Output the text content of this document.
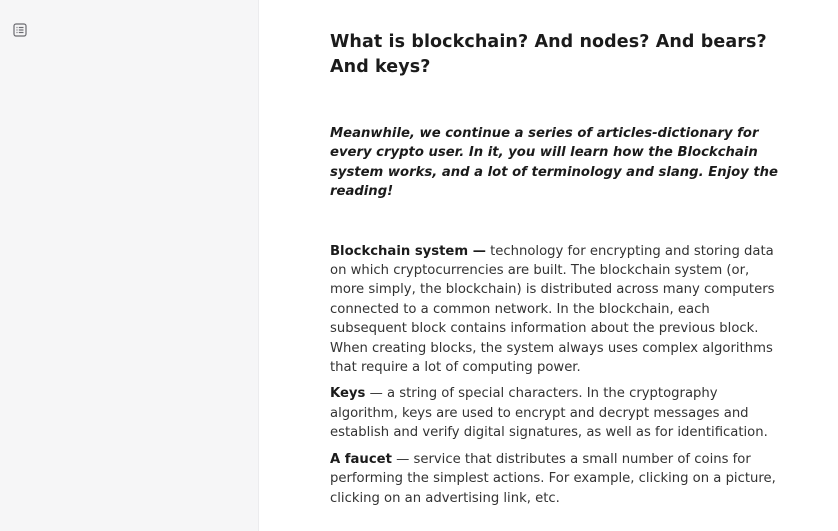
What is blockchain? And nodes? And bears? And keys?

Meanwhile, we continue a series of articles-dictionary for every crypto user. In it, you will learn how the Blockchain system works, and a lot of terminology and slang. Enjoy the reading!

Blockchain system — technology for encrypting and storing data on which cryptocurrencies are built. The blockchain system (or, more simply, the blockchain) is distributed across many computers connected to a common network. In the blockchain, each subsequent block contains information about the previous block. When creating blocks, the system always uses complex algorithms that require a lot of computing power.

Keys — a string of special characters. In the cryptography algorithm, keys are used to encrypt and decrypt messages and establish and verify digital signatures, as well as for identification.

A faucet — service that distributes a small number of coins for performing the simplest actions. For example, clicking on a picture, clicking on an advertising link, etc.
